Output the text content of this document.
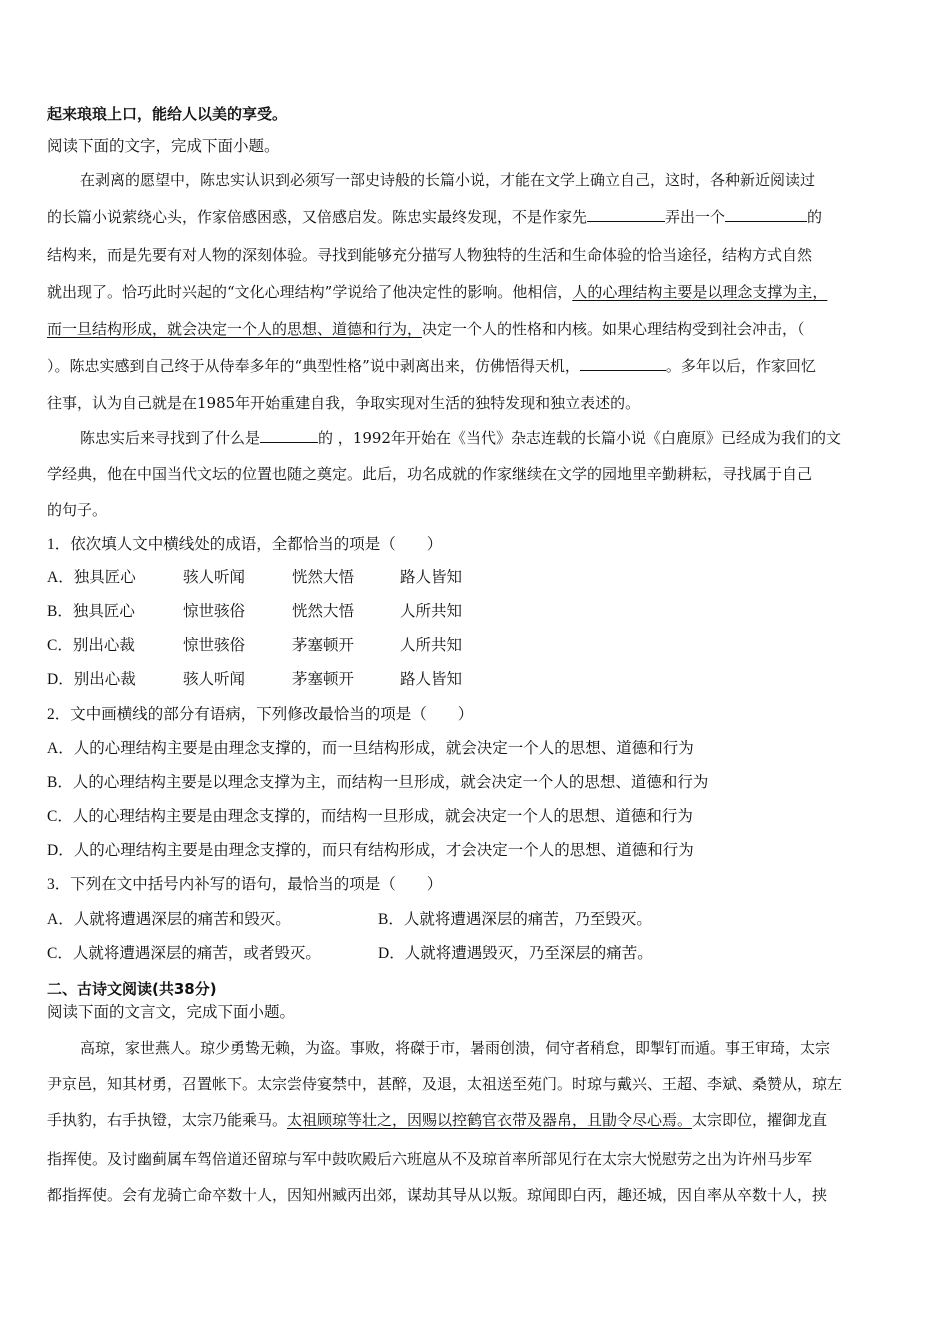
起来琅琅上口，能给人以美的享受。
阅读下面的文字，完成下面小题。
在剥离的愿望中，陈忠实认识到必须写一部史诗般的长篇小说，才能在文学上确立自己，这时，各种新近阅读过
的长篇小说萦绕心头，作家倍感困惑，又倍感启发。陈忠实最终发现，不是作家先	弄出一个	的
结构来，而是先要有对人物的深刻体验。寻找到能够充分描写人物独特的生活和生命体验的恰当途径，结构方式自然
就出现了。恰巧此时兴起的“文化心理结构”学说给了他决定性的影响。他相信，人的心理结构主要是以理念支撑为主，
而一旦结构形成，就会决定一个人的思想、道德和行为，决定一个人的性格和内核。如果心理结构受到社会冲击，（
）。陈忠实感到自己终于从侍奉多年的“典型性格”说中剥离出来，仿佛悟得天机，	。多年以后，作家回忆
往事，认为自己就是在1985年开始重建自我，争取实现对生活的独特发现和独立表述的。
陈忠实后来寻找到了什么是	的 ，1992年开始在《当代》杂志连载的长篇小说《白鹿原》已经成为我们的文
学经典，他在中国当代文坛的位置也随之奠定。此后，功名成就的作家继续在文学的园地里辛勤耕耘，寻找属于自己
的句子。
1．依次填人文中横线处的成语，全都恰当的项是（　　）
A．独具匠心	骇人听闻	恍然大悟	路人皆知
B．独具匠心	惊世骇俗	恍然大悟	人所共知
C．别出心裁	惊世骇俗	茅塞顿开	人所共知
D．别出心裁	骇人听闻	茅塞顿开	路人皆知
2．文中画横线的部分有语病，下列修改最恰当的项是（　　）
A．人的心理结构主要是由理念支撑的，而一旦结构形成，就会决定一个人的思想、道德和行为
B．人的心理结构主要是以理念支撑为主，而结构一旦形成，就会决定一个人的思想、道德和行为
C．人的心理结构主要是由理念支撑的，而结构一旦形成，就会决定一个人的思想、道德和行为
D．人的心理结构主要是由理念支撑的，而只有结构形成，才会决定一个人的思想、道德和行为
3．下列在文中括号内补写的语句，最恰当的项是（　　）
A．人就将遭遇深层的痛苦和毁灭。	B．人就将遭遇深层的痛苦，乃至毁灭。
C．人就将遭遇深层的痛苦，或者毁灭。	D．人就将遭遇毁灭，乃至深层的痛苦。
二、古诗文阅读(共38分)
阅读下面的文言文，完成下面小题。
高琼，家世燕人。琼少勇鸷无赖，为盗。事败，将磔于市，暑雨创溃，伺守者稍怠，即掣钉而遁。事王审琦，太宗
尹京邑，知其材勇，召置帐下。太宗尝侍宴禁中，甚醉，及退，太祖送至苑门。时琼与戴兴、王超、李斌、桑赞从，琼左
手执豹，右手执镫，太宗乃能乘马。太祖顾琼等壮之，因赐以控鹤官衣带及器帛，且勖令尽心焉。太宗即位，擢御龙直
指挥使。及讨幽蓟属车驾倍道还留琼与军中鼓吹殿后六班扈从不及琼首率所部见行在太宗大悦慰劳之出为许州马步军
都指挥使。会有龙骑亡命卒数十人，因知州臧丙出郊，谋劫其导从以叛。琼闻即白丙，趣还城，因自率从卒数十人，挟
